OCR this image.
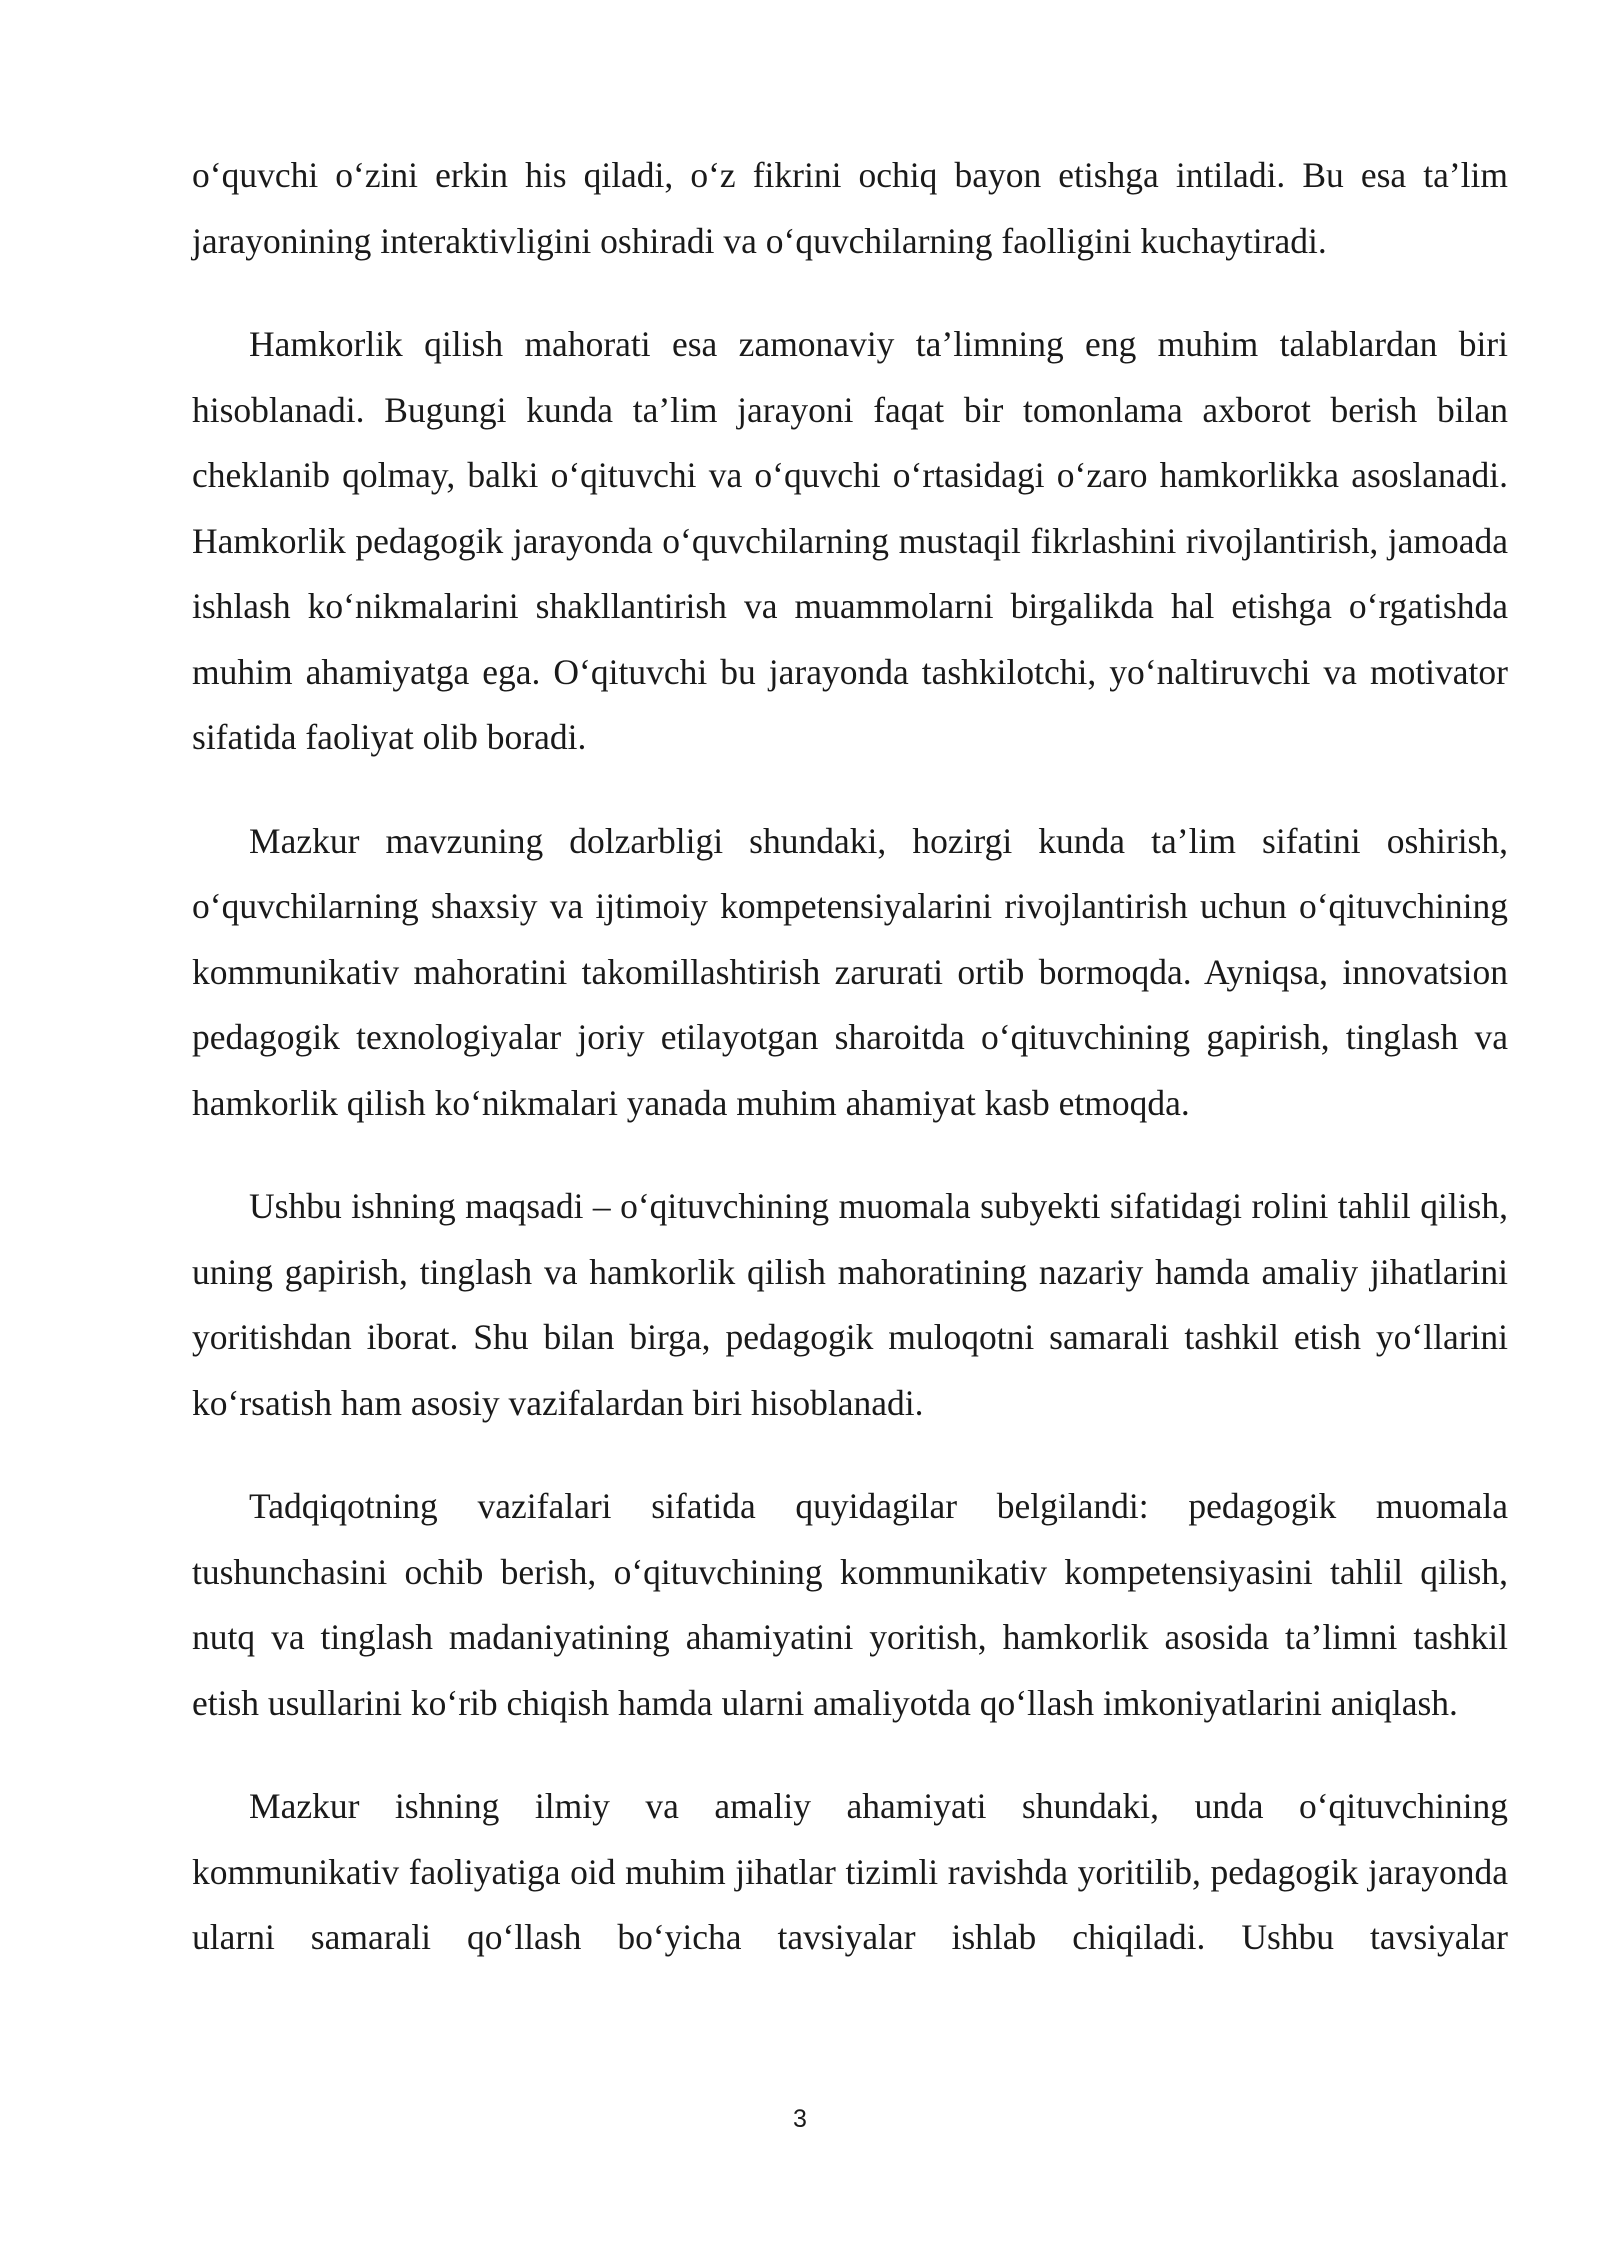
o‘quvchi o‘zini erkin his qiladi, o‘z fikrini ochiq bayon etishga intiladi. Bu esa ta’lim jarayonining interaktivligini oshiradi va o‘quvchilarning faolligini kuchaytiradi.

Hamkorlik qilish mahorati esa zamonaviy ta’limning eng muhim talablardan biri hisoblanadi. Bugungi kunda ta’lim jarayoni faqat bir tomonlama axborot berish bilan cheklanib qolmay, balki o‘qituvchi va o‘quvchi o‘rtasidagi o‘zaro hamkorlikka asoslanadi. Hamkorlik pedagogik jarayonda o‘quvchilarning mustaqil fikrlashini rivojlantirish, jamoada ishlash ko‘nikmalarini shakllantirish va muammolarni birgalikda hal etishga o‘rgatishda muhim ahamiyatga ega. O‘qituvchi bu jarayonda tashkilotchi, yo‘naltiruvchi va motivator sifatida faoliyat olib boradi.

Mazkur mavzuning dolzarbligi shundaki, hozirgi kunda ta’lim sifatini oshirish, o‘quvchilarning shaxsiy va ijtimoiy kompetensiyalarini rivojlantirish uchun o‘qituvchining kommunikativ mahoratini takomillashtirish zarurati ortib bormoqda. Ayniqsa, innovatsion pedagogik texnologiyalar joriy etilayotgan sharoitda o‘qituvchining gapirish, tinglash va hamkorlik qilish ko‘nikmalari yanada muhim ahamiyat kasb etmoqda.

Ushbu ishning maqsadi – o‘qituvchining muomala subyekti sifatidagi rolini tahlil qilish, uning gapirish, tinglash va hamkorlik qilish mahoratining nazariy hamda amaliy jihatlarini yoritishdan iborat. Shu bilan birga, pedagogik muloqotni samarali tashkil etish yo‘llarini ko‘rsatish ham asosiy vazifalardan biri hisoblanadi.

Tadqiqotning vazifalari sifatida quyidagilar belgilandi: pedagogik muomala tushunchasini ochib berish, o‘qituvchining kommunikativ kompetensiyasini tahlil qilish, nutq va tinglash madaniyatining ahamiyatini yoritish, hamkorlik asosida ta’limni tashkil etish usullarini ko‘rib chiqish hamda ularni amaliyotda qo‘llash imkoniyatlarini aniqlash.

Mazkur ishning ilmiy va amaliy ahamiyati shundaki, unda o‘qituvchining kommunikativ faoliyatiga oid muhim jihatlar tizimli ravishda yoritilib, pedagogik jarayonda ularni samarali qo‘llash bo‘yicha tavsiyalar ishlab chiqiladi. Ushbu tavsiyalar

3
